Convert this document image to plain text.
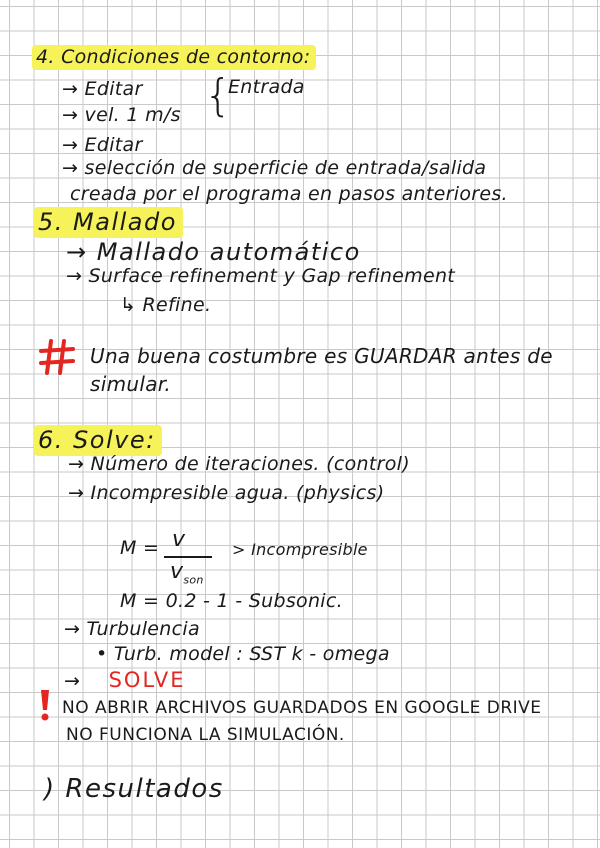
4. Condiciones de contorno:
→ Editar
→ vel. 1 m/s {
Entrada
→ Editar
→ selección de superficie de entrada/salida
creada por el programa en pasos anteriores.
5. Mallado
→ Mallado automático
→ Surface refinement y Gap refinement
↳ Refine.
Una buena costumbre es GUARDAR antes de
simular.
6. Solve:
→ Número de iteraciones. (control)
→ Incompresible agua. (physics)
M = v
$v_{son}$
> Incompresible
M = 0.2 - 1 - Subsonic.
→ Turbulencia
• Turb. model : SST k - omega
→ SOLVE
NO ABRIR ARCHIVOS GUARDADOS EN GOOGLE DRIVE
NO FUNCIONA LA SIMULACIÓN.
) Resultados
